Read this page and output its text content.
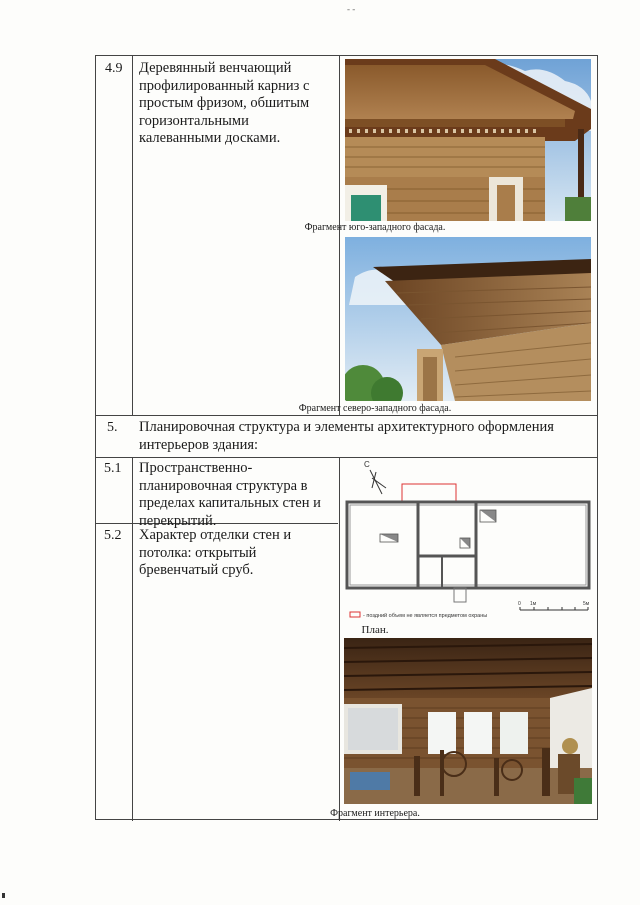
- -
4.9 Деревянный венчающий профилированный карниз с простым фризом, обшитым горизонтальными калеванными досками.
Фрагмент юго-западного фасада.
Фрагмент северо-западного фасада.
5. Планировочная структура и элементы архитектурного оформления интерьеров здания:
5.1 Пространственно-планировочная структура в пределах капитальных стен и перекрытий.
5.2 Характер отделки стен и потолка: открытый бревенчатый сруб.
С
- поздний объем не является предметом охраны
0 1м	5м
План.
Фрагмент интерьера.
